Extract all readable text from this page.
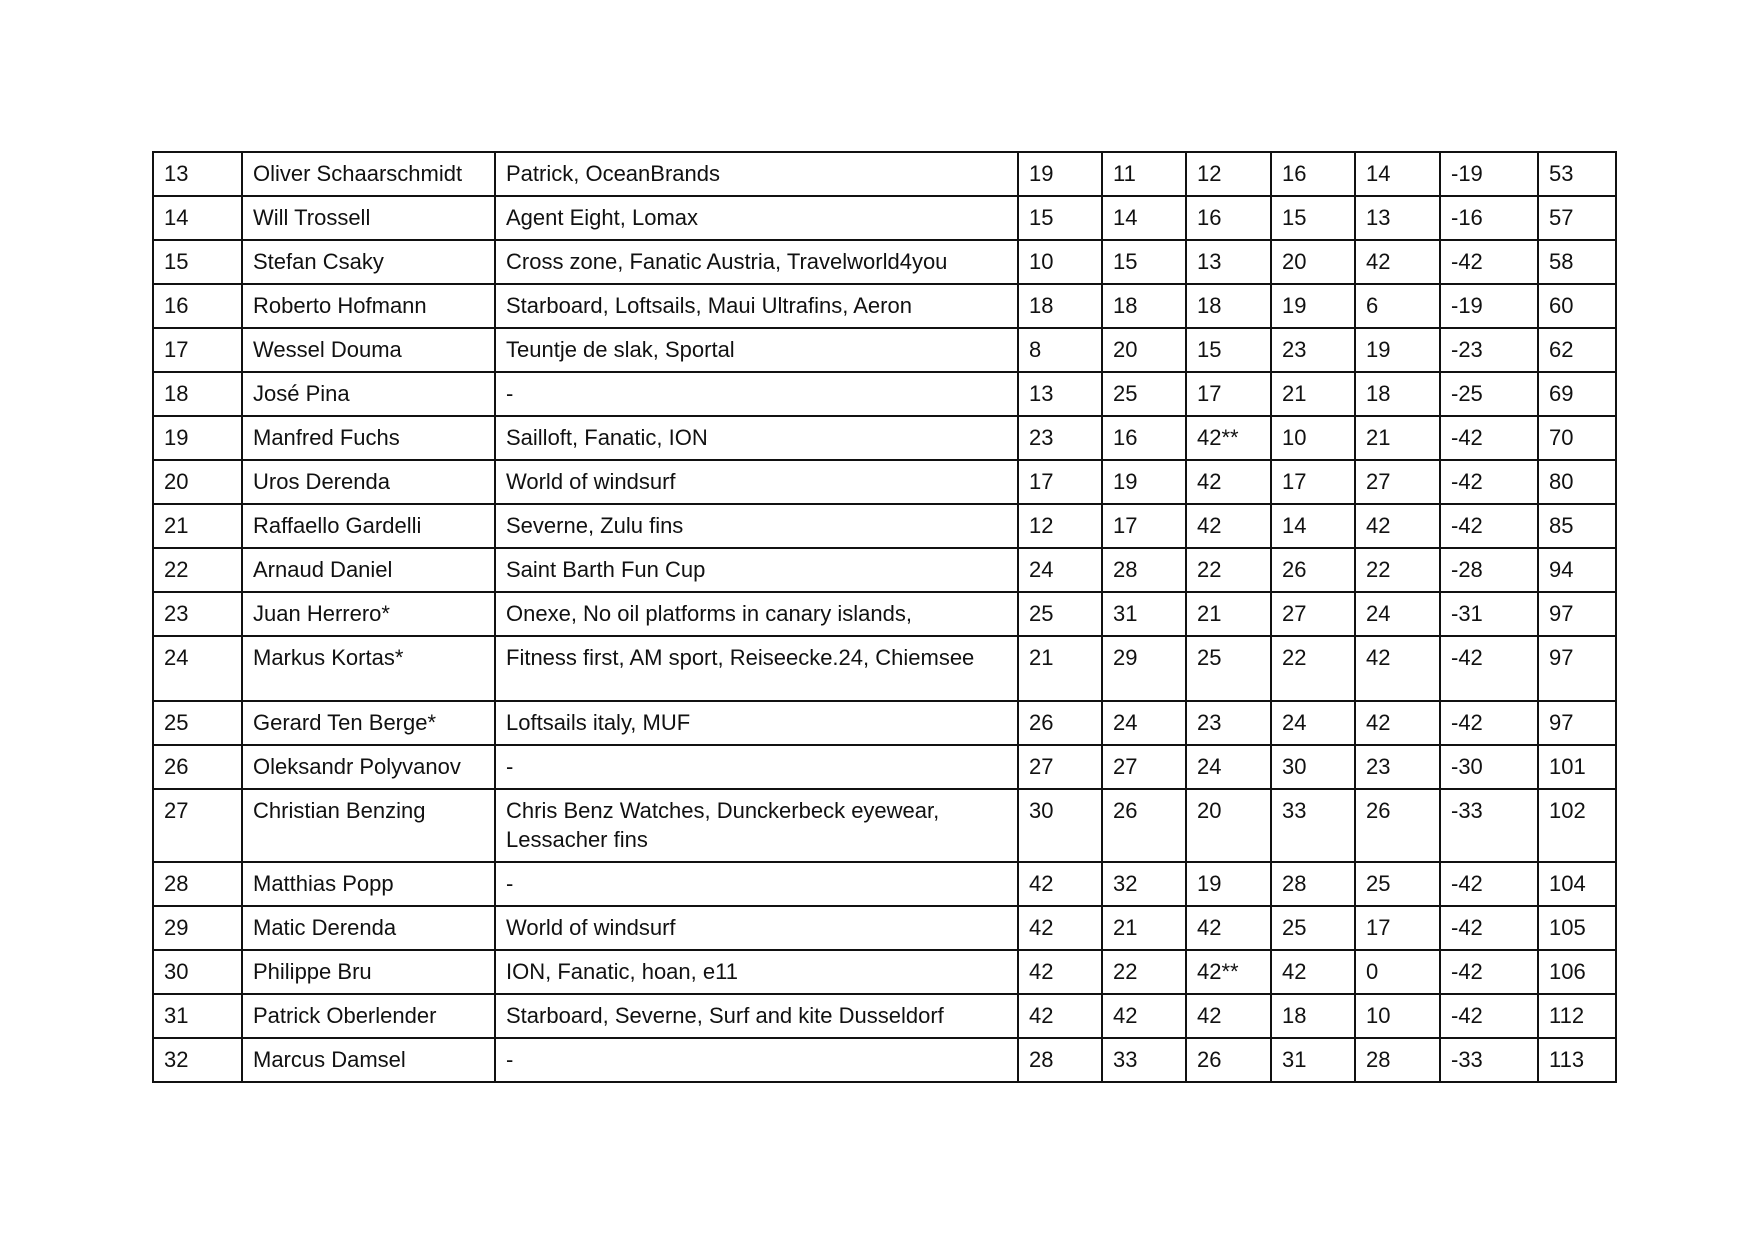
13	Oliver Schaarschmidt	Patrick, OceanBrands	19	11	12	16	14	-19	53
14	Will Trossell	Agent Eight, Lomax	15	14	16	15	13	-16	57
15	Stefan Csaky	Cross zone, Fanatic Austria, Travelworld4you	10	15	13	20	42	-42	58
16	Roberto Hofmann	Starboard, Loftsails, Maui Ultrafins, Aeron	18	18	18	19	6	-19	60
17	Wessel Douma	Teuntje de slak, Sportal	8	20	15	23	19	-23	62
18	José Pina	-	13	25	17	21	18	-25	69
19	Manfred Fuchs	Sailloft, Fanatic, ION	23	16	42**	10	21	-42	70
20	Uros Derenda	World of windsurf	17	19	42	17	27	-42	80
21	Raffaello Gardelli	Severne, Zulu fins	12	17	42	14	42	-42	85
22	Arnaud Daniel	Saint Barth Fun Cup	24	28	22	26	22	-28	94
23	Juan Herrero*	Onexe, No oil platforms in canary islands,	25	31	21	27	24	-31	97
24	Markus Kortas*	Fitness first, AM sport, Reiseecke.24, Chiemsee	21	29	25	22	42	-42	97
25	Gerard Ten Berge*	Loftsails italy, MUF	26	24	23	24	42	-42	97
26	Oleksandr Polyvanov	-	27	27	24	30	23	-30	101
27	Christian Benzing	Chris Benz Watches, Dunckerbeck eyewear, Lessacher fins	30	26	20	33	26	-33	102
28	Matthias Popp	-	42	32	19	28	25	-42	104
29	Matic Derenda	World of windsurf	42	21	42	25	17	-42	105
30	Philippe Bru	ION, Fanatic, hoan, e11	42	22	42**	42	0	-42	106
31	Patrick Oberlender	Starboard, Severne, Surf and kite Dusseldorf	42	42	42	18	10	-42	112
32	Marcus Damsel	-	28	33	26	31	28	-33	113
